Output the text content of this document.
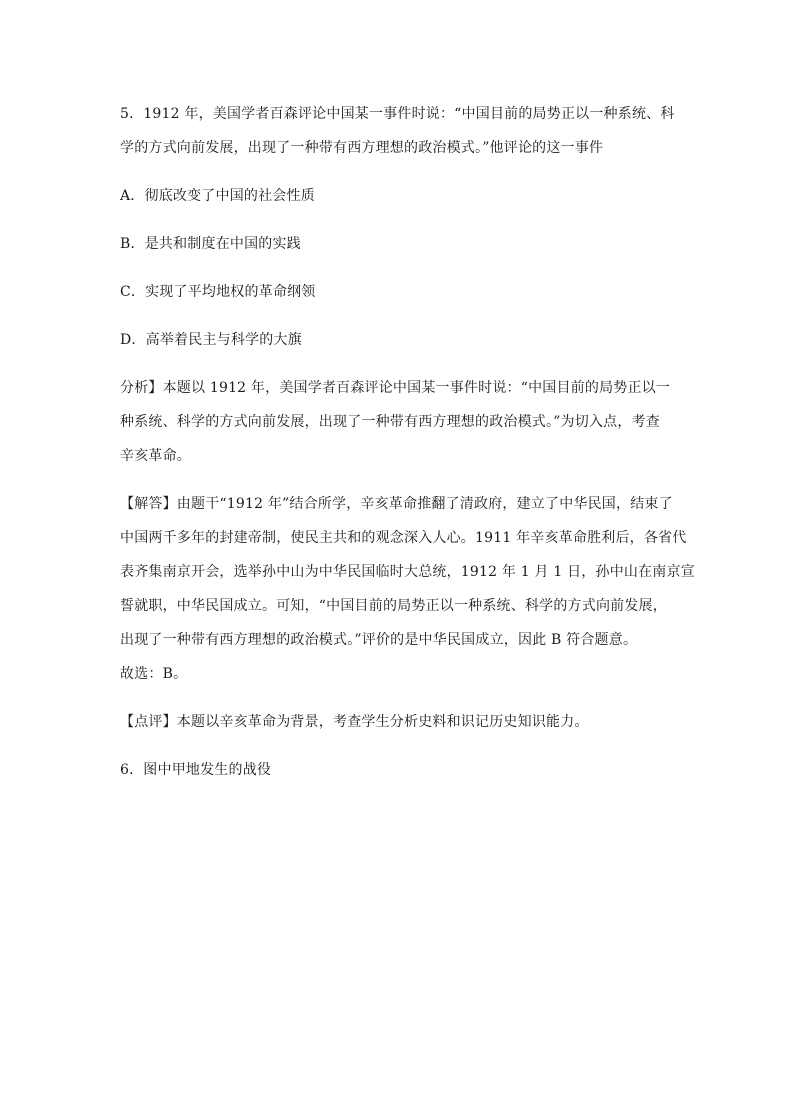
5．1912 年，美国学者百森评论中国某一事件时说：“中国目前的局势正以一种系统、科
学的方式向前发展，出现了一种带有西方理想的政治模式。”他评论的这一事件
A．彻底改变了中国的社会性质
B．是共和制度在中国的实践
C．实现了平均地权的革命纲领
D．高举着民主与科学的大旗
分析】本题以 1912 年，美国学者百森评论中国某一事件时说：“中国目前的局势正以一
种系统、科学的方式向前发展，出现了一种带有西方理想的政治模式。”为切入点，考查
辛亥革命。
【解答】由题干“1912 年”结合所学，辛亥革命推翻了清政府，建立了中华民国，结束了
中国两千多年的封建帝制，使民主共和的观念深入人心。1911 年辛亥革命胜利后，各省代
表齐集南京开会，选举孙中山为中华民国临时大总统，1912 年 1 月 1 日，孙中山在南京宣
誓就职，中华民国成立。可知，“中国目前的局势正以一种系统、科学的方式向前发展，
出现了一种带有西方理想的政治模式。”评价的是中华民国成立，因此 B 符合题意。
故选：B。
【点评】本题以辛亥革命为背景，考查学生分析史料和识记历史知识能力。
6．图中甲地发生的战役
